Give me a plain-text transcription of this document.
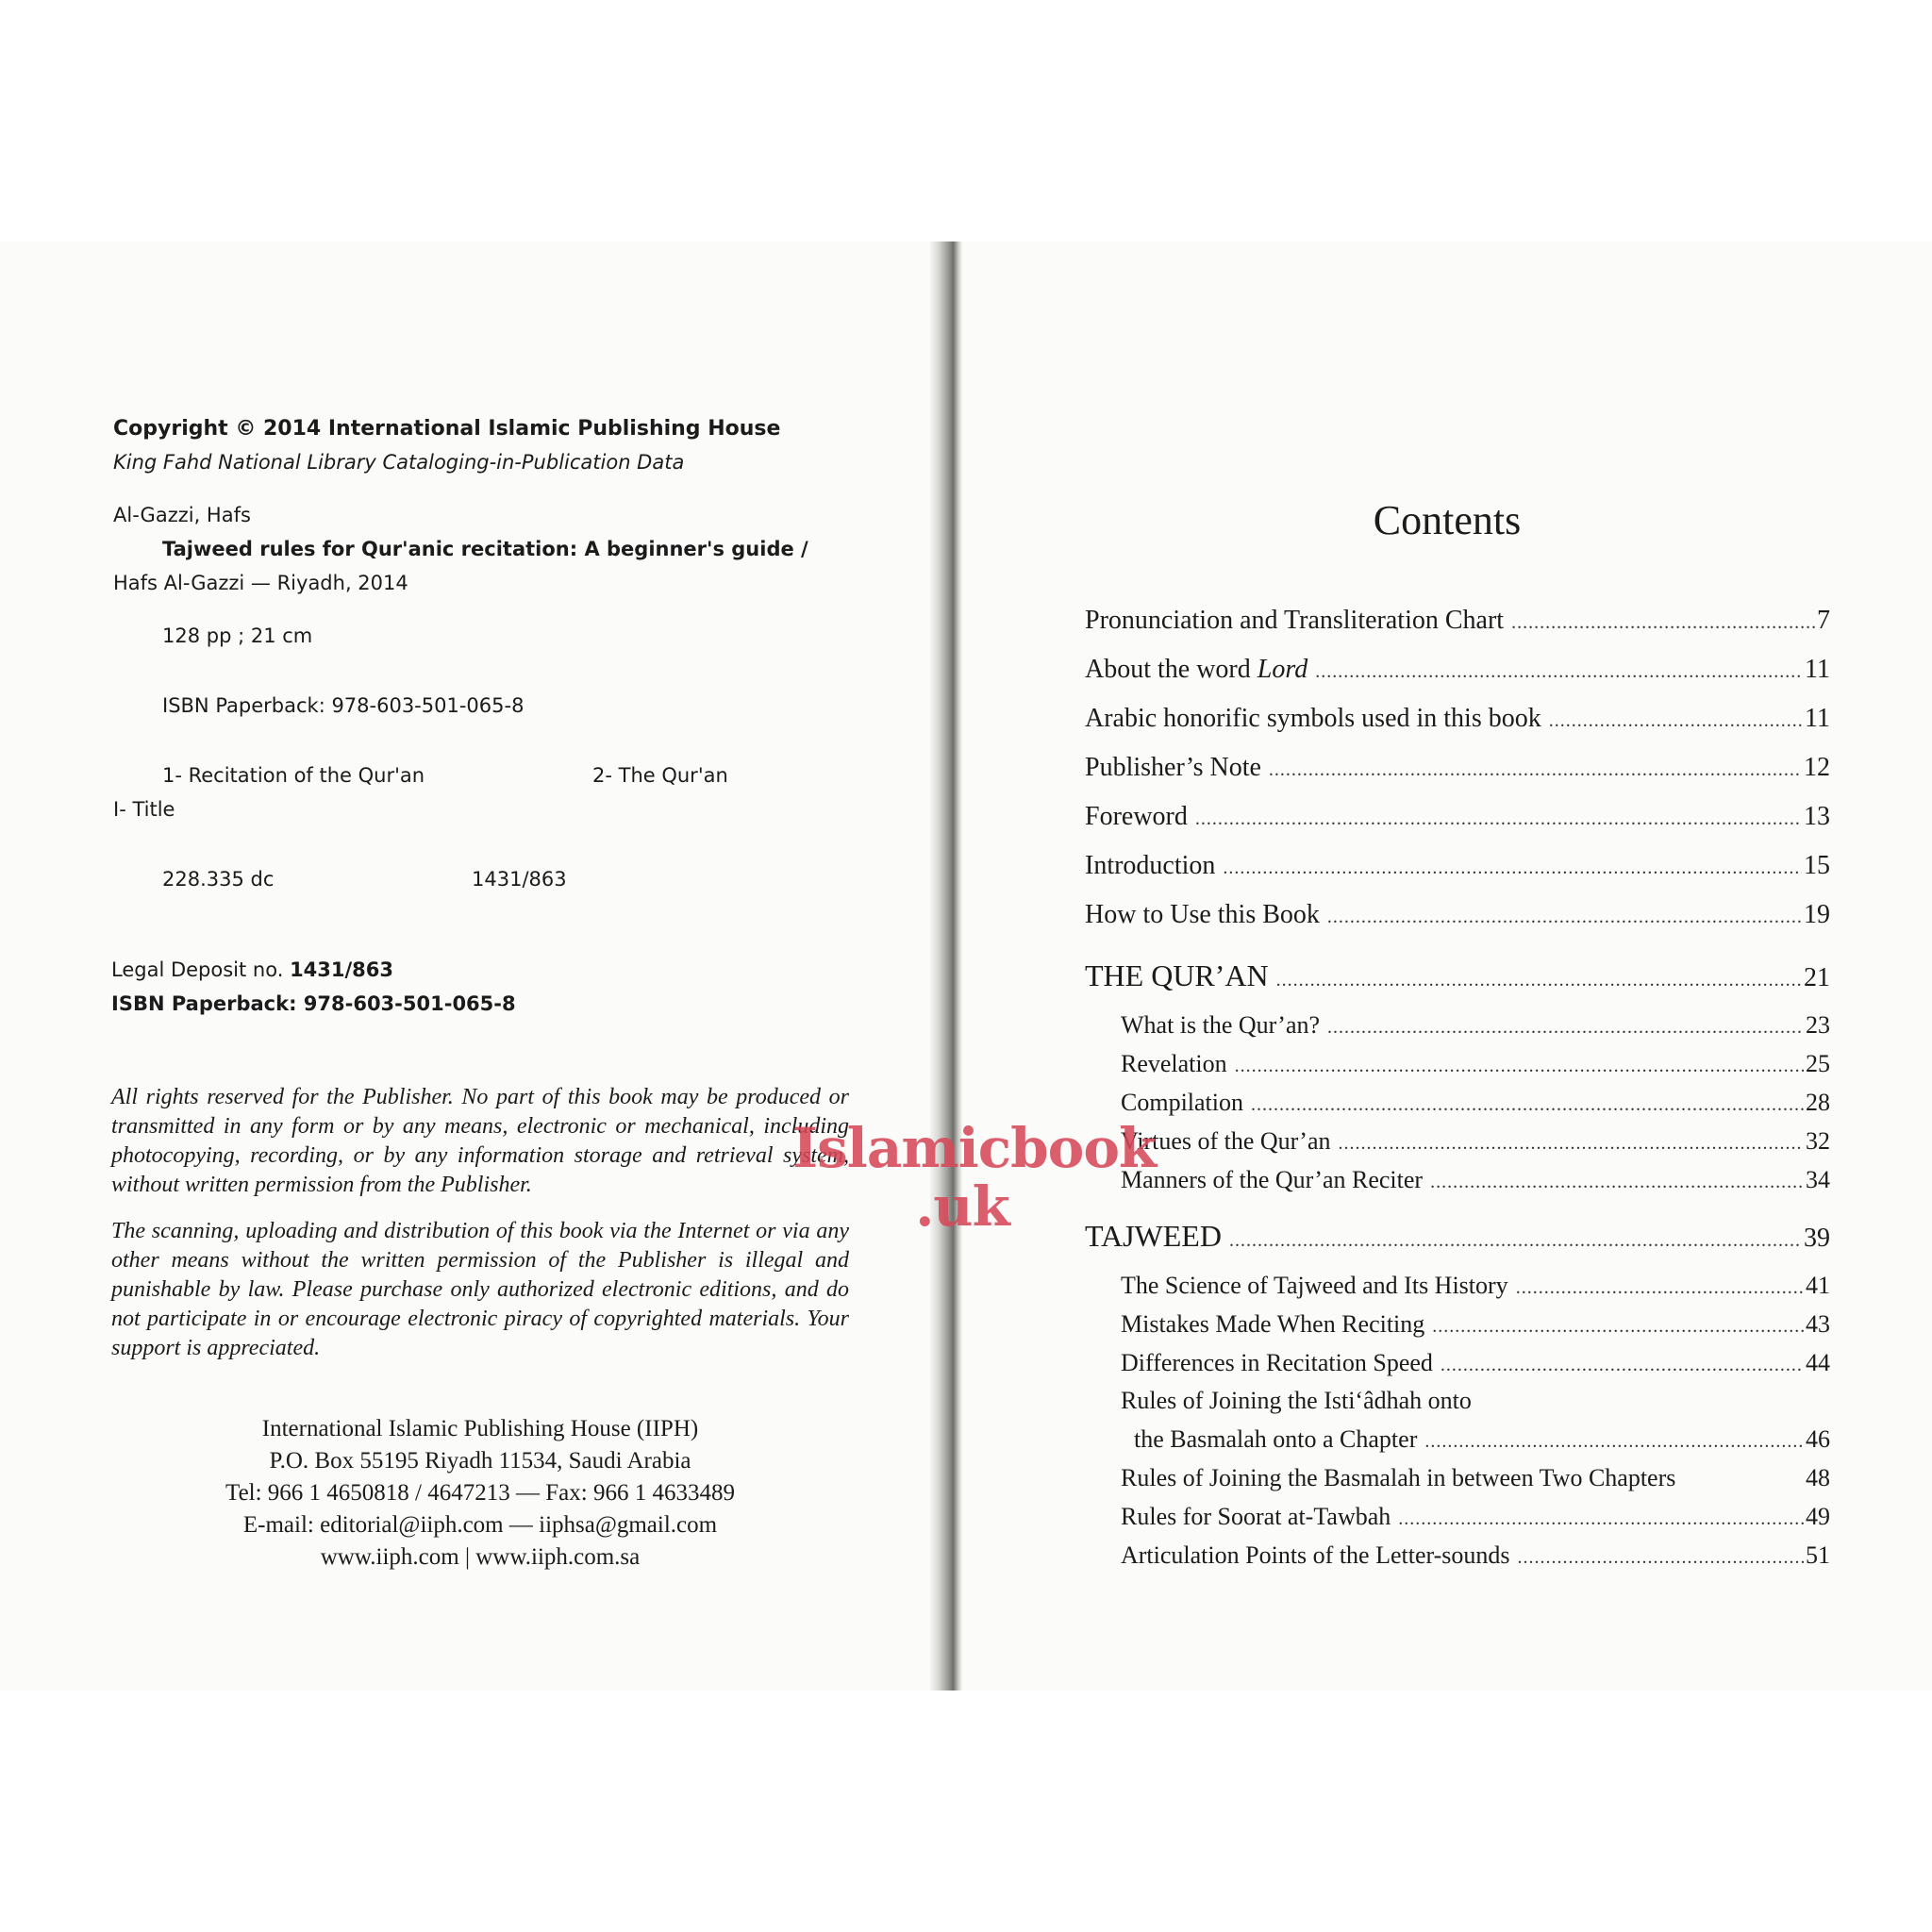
Copyright © 2014 International Islamic Publishing House
King Fahd National Library Cataloging-in-Publication Data
Al-Gazzi, Hafs
Tajweed rules for Qur'anic recitation: A beginner's guide /
Hafs Al-Gazzi — Riyadh, 2014
128 pp ; 21 cm
ISBN Paperback: 978-603-501-065-8
1- Recitation of the Qur'an	2- The Qur'an
I- Title
228.335 dc	1431/863
Legal Deposit no. 1431/863
ISBN Paperback: 978-603-501-065-8
All rights reserved for the Publisher. No part of this book may be produced or transmitted in any form or by any means, electronic or mechanical, including photocopying, recording, or by any information storage and retrieval system, without written permission from the Publisher.
The scanning, uploading and distribution of this book via the Internet or via any other means without the written permission of the Publisher is illegal and punishable by law. Please purchase only authorized electronic editions, and do not participate in or encourage electronic piracy of copyrighted materials. Your support is appreciated.
International Islamic Publishing House (IIPH)
P.O. Box 55195 Riyadh 11534, Saudi Arabia
Tel: 966 1 4650818 / 4647213 — Fax: 966 1 4633489
E-mail: editorial@iiph.com — iiphsa@gmail.com
www.iiph.com | www.iiph.com.sa
Contents
Pronunciation and Transliteration Chart .....	7
About the word Lord .....	11
Arabic honorific symbols used in this book .....	11
Publisher’s Note .....	12
Foreword .....	13
Introduction .....	15
How to Use this Book .....	19
THE QUR’AN .....	21
What is the Qur’an? .....	23
Revelation .....	25
Compilation .....	28
Virtues of the Qur’an .....	32
Manners of the Qur’an Reciter .....	34
TAJWEED .....	39
The Science of Tajweed and Its History .....	41
Mistakes Made When Reciting .....	43
Differences in Recitation Speed .....	44
Rules of Joining the Isti‘âdhah onto
the Basmalah onto a Chapter .....	46
Rules of Joining the Basmalah in between Two Chapters	48
Rules for Soorat at-Tawbah .....	49
Articulation Points of the Letter-sounds .....	51
Islamicbook
.uk
